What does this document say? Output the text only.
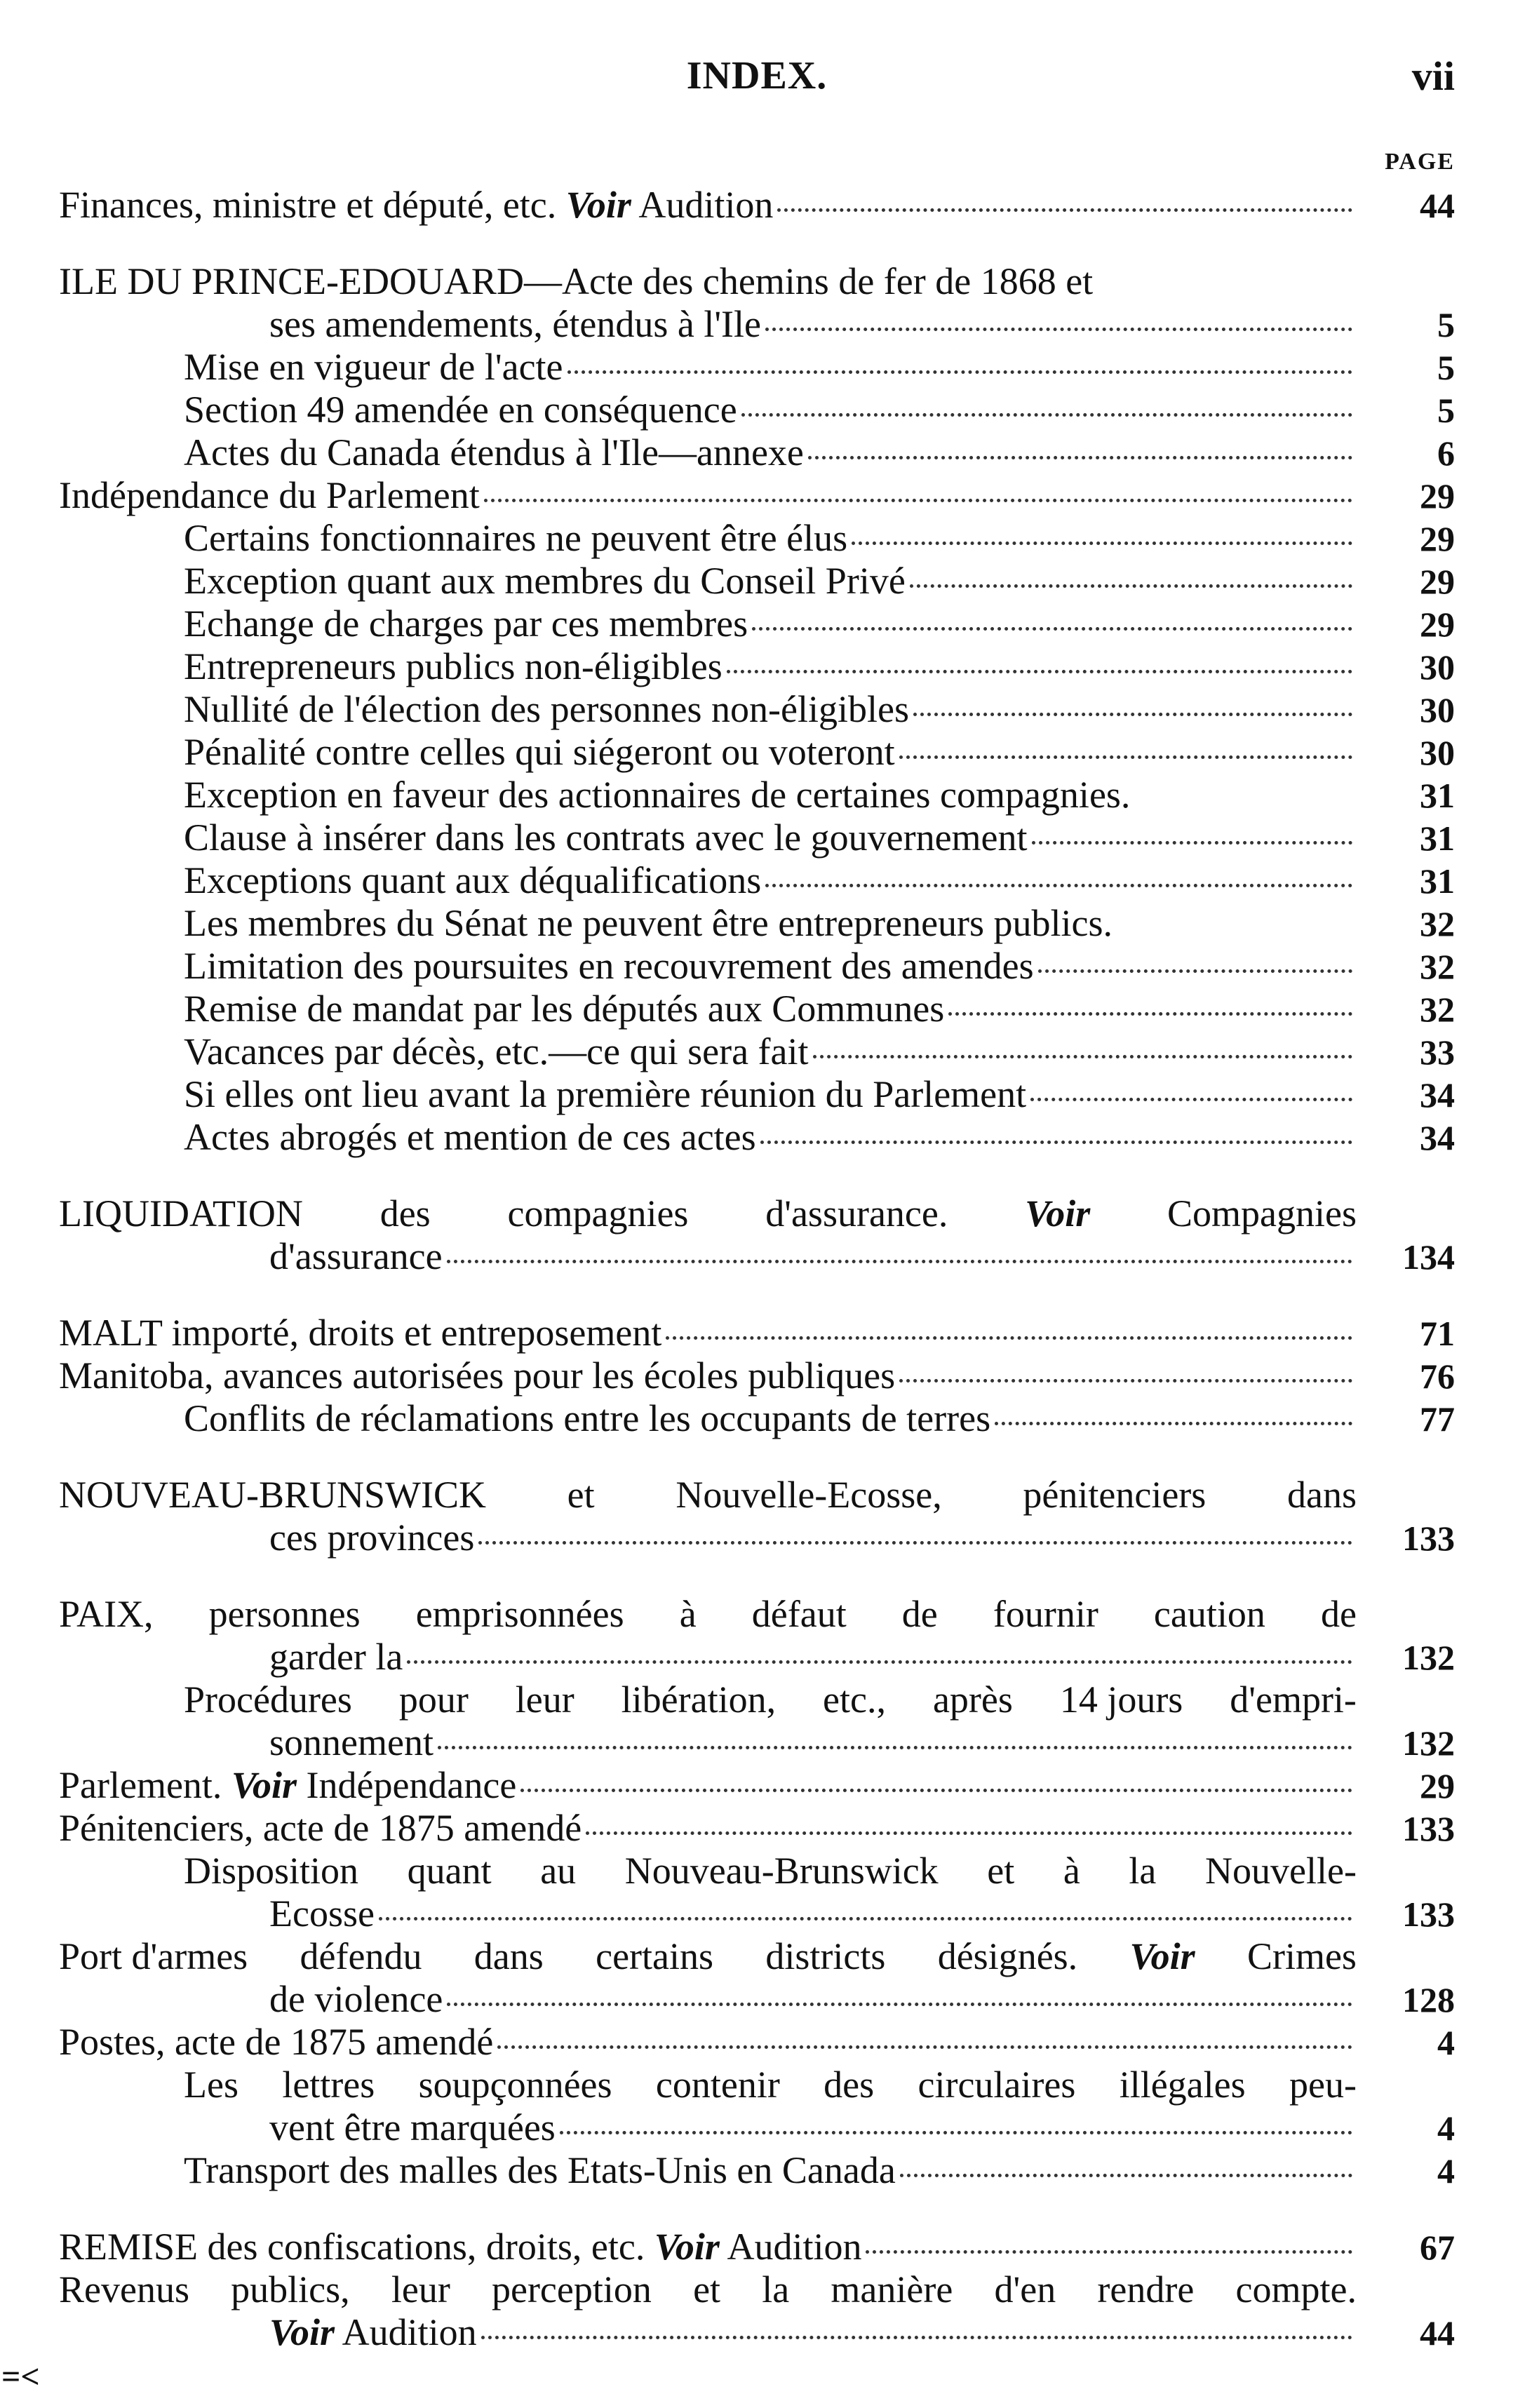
INDEX.	vii
PAGE
Finances, ministre et député, etc. Voir Audition	44
ILE DU PRINCE-EDOUARD—Acte des chemins de fer de 1868 et
ses amendements, étendus à l'Ile	5
Mise en vigueur de l'acte	5
Section 49 amendée en conséquence	5
Actes du Canada étendus à l'Ile—annexe	6
Indépendance du Parlement	29
Certains fonctionnaires ne peuvent être élus	29
Exception quant aux membres du Conseil Privé	29
Echange de charges par ces membres	29
Entrepreneurs publics non-éligibles	30
Nullité de l'élection des personnes non-éligibles	30
Pénalité contre celles qui siégeront ou voteront	30
Exception en faveur des actionnaires de certaines compagnies.	31
Clause à insérer dans les contrats avec le gouvernement	31
Exceptions quant aux déqualifications	31
Les membres du Sénat ne peuvent être entrepreneurs publics.	32
Limitation des poursuites en recouvrement des amendes	32
Remise de mandat par les députés aux Communes	32
Vacances par décès, etc.—ce qui sera fait	33
Si elles ont lieu avant la première réunion du Parlement	34
Actes abrogés et mention de ces actes	34
LIQUIDATION des compagnies d'assurance. Voir Compagnies
d'assurance	134
MALT importé, droits et entreposement	71
Manitoba, avances autorisées pour les écoles publiques	76
Conflits de réclamations entre les occupants de terres	77
NOUVEAU-BRUNSWICK et Nouvelle-Ecosse, pénitenciers dans
ces provinces	133
PAIX, personnes emprisonnées à défaut de fournir caution de
garder la	132
Procédures pour leur libération, etc., après 14 jours d'empri-
sonnement	132
Parlement. Voir Indépendance	29
Pénitenciers, acte de 1875 amendé	133
Disposition quant au Nouveau-Brunswick et à la Nouvelle-
Ecosse	133
Port d'armes défendu dans certains districts désignés. Voir Crimes
de violence	128
Postes, acte de 1875 amendé	4
Les lettres soupçonnées contenir des circulaires illégales peu-
vent être marquées	4
Transport des malles des Etats-Unis en Canada	4
REMISE des confiscations, droits, etc. Voir Audition	67
Revenus publics, leur perception et la manière d'en rendre compte.
Voir Audition	44
=<
